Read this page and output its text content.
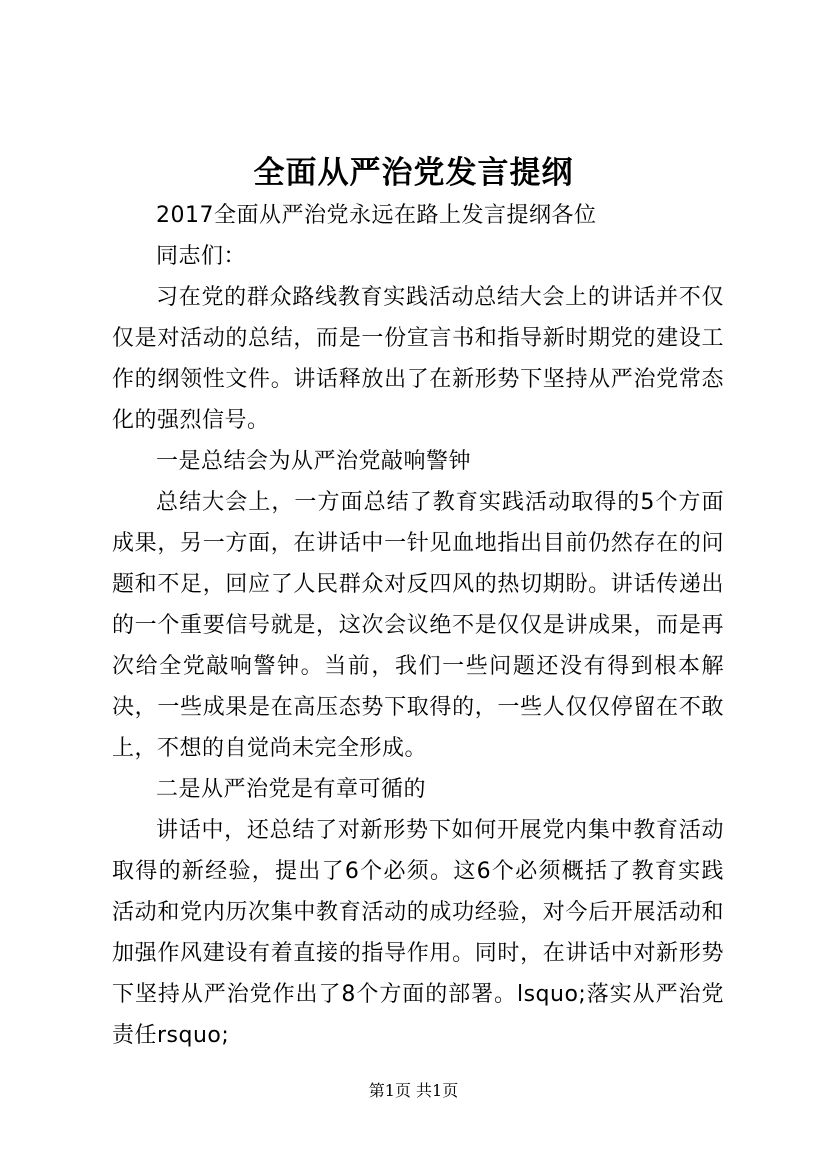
全面从严治党发言提纲

2017全面从严治党永远在路上发言提纲各位

同志们：

习在党的群众路线教育实践活动总结大会上的讲话并不仅仅是对活动的总结，而是一份宣言书和指导新时期党的建设工作的纲领性文件。讲话释放出了在新形势下坚持从严治党常态化的强烈信号。

一是总结会为从严治党敲响警钟

总结大会上，一方面总结了教育实践活动取得的5个方面成果，另一方面，在讲话中一针见血地指出目前仍然存在的问题和不足，回应了人民群众对反四风的热切期盼。讲话传递出的一个重要信号就是，这次会议绝不是仅仅是讲成果，而是再次给全党敲响警钟。当前，我们一些问题还没有得到根本解决，一些成果是在高压态势下取得的，一些人仅仅停留在不敢上，不想的自觉尚未完全形成。

二是从严治党是有章可循的

讲话中，还总结了对新形势下如何开展党内集中教育活动取得的新经验，提出了6个必须。这6个必须概括了教育实践活动和党内历次集中教育活动的成功经验，对今后开展活动和加强作风建设有着直接的指导作用。同时，在讲话中对新形势下坚持从严治党作出了8个方面的部署。lsquo;落实从严治党责任rsquo;

第1页 共1页
